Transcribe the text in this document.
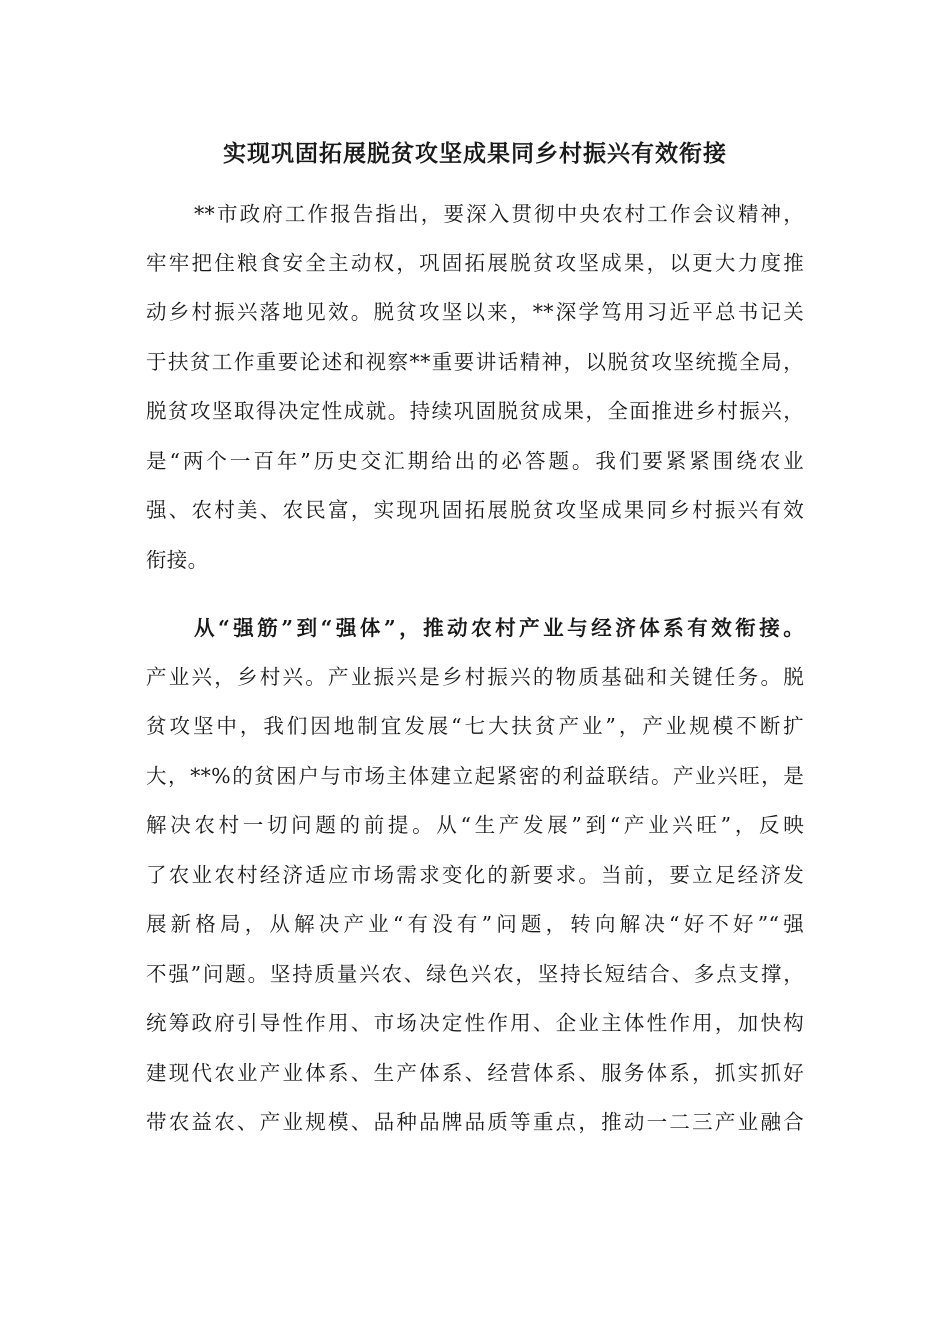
实现巩固拓展脱贫攻坚成果同乡村振兴有效衔接
**市政府工作报告指出，要深入贯彻中央农村工作会议精神，
牢牢把住粮食安全主动权，巩固拓展脱贫攻坚成果，以更大力度推
动乡村振兴落地见效。脱贫攻坚以来，**深学笃用习近平总书记关
于扶贫工作重要论述和视察**重要讲话精神，以脱贫攻坚统揽全局，
脱贫攻坚取得决定性成就。持续巩固脱贫成果，全面推进乡村振兴，
是“两个一百年”历史交汇期给出的必答题。我们要紧紧围绕农业
强、农村美、农民富，实现巩固拓展脱贫攻坚成果同乡村振兴有效
衔接。
从“强筋”到“强体”，推动农村产业与经济体系有效衔接。
产业兴，乡村兴。产业振兴是乡村振兴的物质基础和关键任务。脱
贫攻坚中，我们因地制宜发展“七大扶贫产业”，产业规模不断扩
大，**%的贫困户与市场主体建立起紧密的利益联结。产业兴旺，是
解决农村一切问题的前提。从“生产发展”到“产业兴旺”，反映
了农业农村经济适应市场需求变化的新要求。当前，要立足经济发
展新格局，从解决产业“有没有”问题，转向解决“好不好”“强
不强”问题。坚持质量兴农、绿色兴农，坚持长短结合、多点支撑，
统筹政府引导性作用、市场决定性作用、企业主体性作用，加快构
建现代农业产业体系、生产体系、经营体系、服务体系，抓实抓好
带农益农、产业规模、品种品牌品质等重点，推动一二三产业融合
